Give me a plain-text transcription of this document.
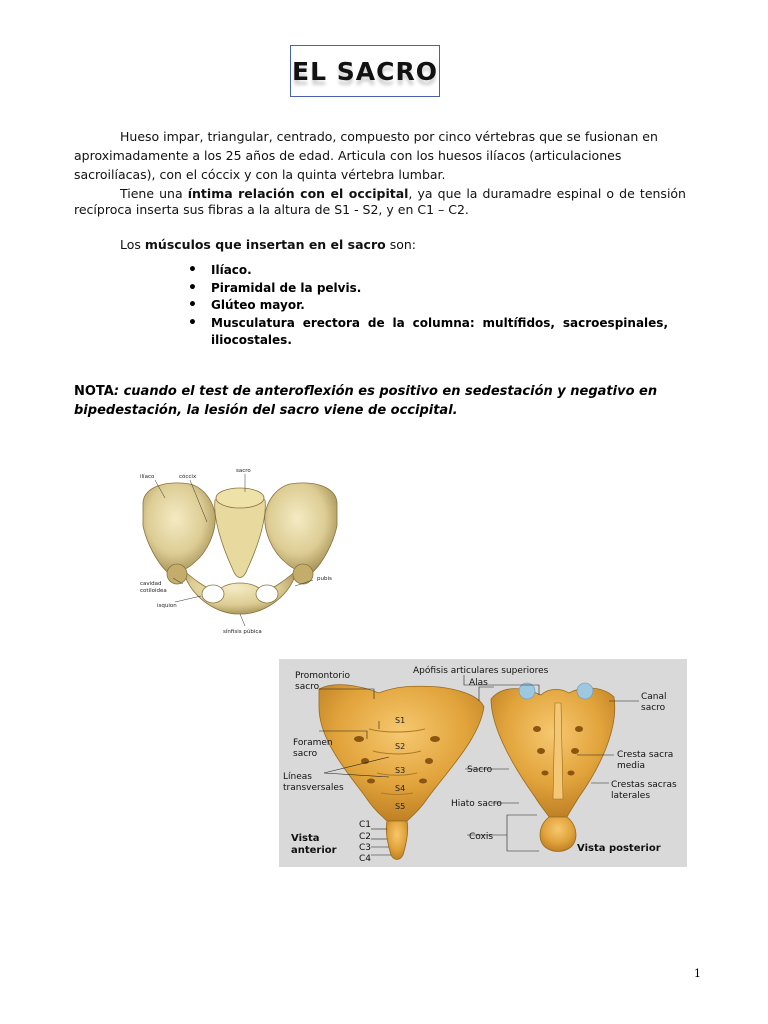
EL SACRO

Hueso impar, triangular, centrado, compuesto por cinco vértebras que se fusionan en aproximadamente a los 25 años de edad. Articula con los huesos ilíacos (articulaciones sacroilíacas), con el cóccix y con la quinta vértebra lumbar.

Tiene una íntima relación con el occipital, ya que la duramadre espinal o de tensión recíproca inserta sus fibras a la altura de S1 - S2, y en C1 – C2.

Los músculos que insertan en el sacro son:

• Ilíaco.
• Piramidal de la pelvis.
• Glúteo mayor.
• Musculatura erectora de la columna: multífidos, sacroespinales, iliocostales.

NOTA: cuando el test de anteroflexión es positivo en sedestación y negativo en bipedestación, la lesión del sacro viene de occipital.

ilíaco	cóccix
sacro
cavidad
cotiloidea
isquion
pubis
sínfisis púbica
Promontorio
sacro
Apófisis articulares superiores
Alas
Canal
sacro
Foramen
sacro	Cresta sacra
media
Líneas
transversales
Sacro
Crestas sacras
laterales
Hiato sacro
Coxis
S1
S2
S3
S4
S5
C1
C2
C3
C4
Vista
anterior	Vista posterior
1
